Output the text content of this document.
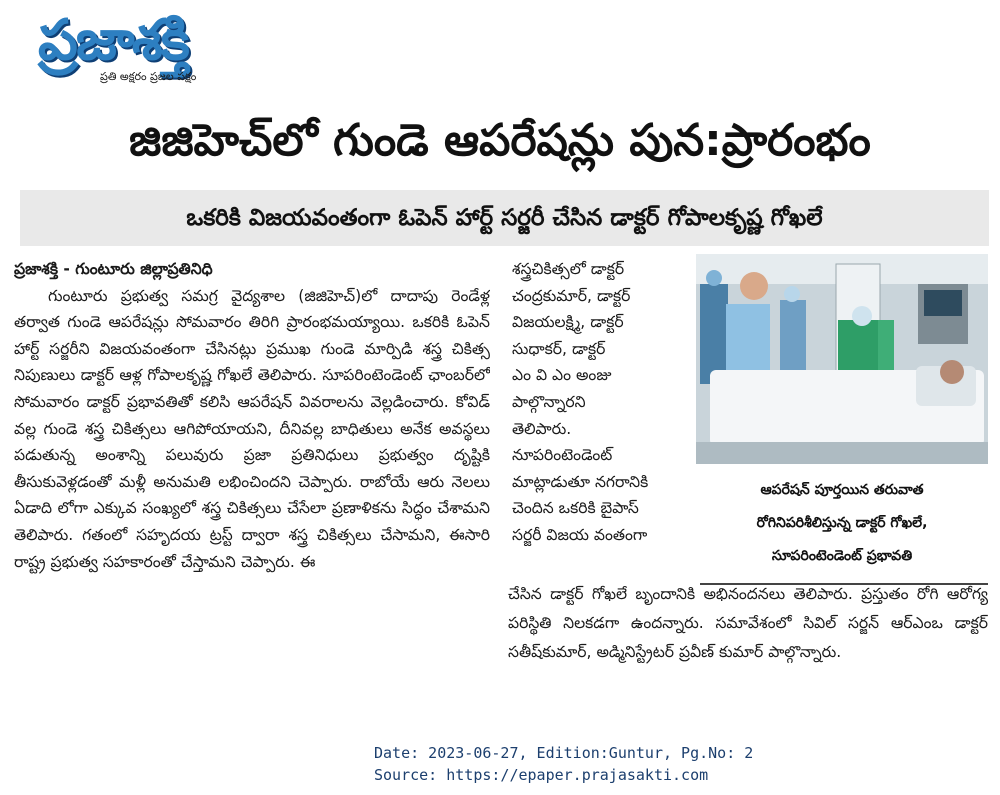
ప్రజాశక్తి
ప్రతి అక్షరం ప్రజల పక్షం
జిజిహెచ్‌లో గుండె ఆపరేషన్లు పున:ప్రారంభం
ఒకరికి విజయవంతంగా ఓపెన్‌ హార్ట్‌ సర్జరీ చేసిన డాక్టర్‌ గోపాలకృష్ణ గోఖలే

ప్రజాశక్తి - గుంటూరు జిల్లాప్రతినిధి

గుంటూరు ప్రభుత్వ సమగ్ర వైద్యశాల (జిజిహెచ్‌)లో దాదాపు రెండేళ్ల తర్వాత గుండె ఆపరేషన్లు సోమవారం తిరిగి ప్రారంభమయ్యాయి. ఒకరికి ఓపెన్‌ హార్ట్‌ సర్జరీని విజయవంతంగా చేసినట్లు ప్రముఖ గుండె మార్పిడి శస్త్ర చికిత్స నిపుణులు డాక్టర్‌ ఆళ్ల గోపాలకృష్ణ గోఖలే తెలిపారు. సూపరింటెండెంట్‌ ఛాంబర్‌లో సోమవారం డాక్టర్‌ ప్రభావతితో కలిసి ఆపరేషన్‌ వివరాలను వెల్లడించారు. కోవిడ్‌ వల్ల గుండె శస్త్ర చికిత్సలు ఆగిపోయాయని, దీనివల్ల బాధితులు అనేక అవస్థలు పడుతున్న అంశాన్ని పలువురు ప్రజా ప్రతినిధులు ప్రభుత్వం దృష్టికి తీసుకువెళ్లడంతో మళ్లీ అనుమతి లభించిందని చెప్పారు. రాబోయే ఆరు నెలలు ఏడాది లోగా ఎక్కువ సంఖ్యలో శస్త్ర చికిత్సలు చేసేలా ప్రణాళికను సిద్ధం చేశామని తెలిపారు. గతంలో సహృదయ ట్రస్ట్‌ ద్వారా శస్త్ర చికిత్సలు చేసామని, ఈసారి రాష్ట్ర ప్రభుత్వ సహకారంతో చేస్తామని చెప్పారు. ఈ

శస్త్రచికిత్సలో డాక్టర్‌

చంద్రకుమార్‌, డాక్టర్‌

విజయలక్ష్మి, డాక్టర్‌

సుధాకర్‌, డాక్టర్‌

ఎం వి ఎం అంజు

పాల్గొన్నారని

తెలిపారు.

నూపరింటెండెంట్‌

మాట్లాడుతూ నగరానికి

చెందిన ఒకరికి బైపాస్‌

సర్జరీ విజయ వంతంగా

ఆపరేషన్‌ పూర్తయిన తరువాత
రోగినిపరిశీలిస్తున్న డాక్టర్‌ గోఖలే,
సూపరింటెండెంట్‌ ప్రభావతి

చేసిన డాక్టర్‌ గోఖలే బృందానికి అభినందనలు తెలిపారు. ప్రస్తుతం రోగి ఆరోగ్య పరిస్థితి నిలకడగా ఉందన్నారు. సమావేశంలో సివిల్‌ సర్జన్‌ ఆర్‌ఎంఒ డాక్టర్‌ సతీష్‌కుమార్‌, అడ్మినిస్ట్రేటర్‌ ప్రవీణ్‌ కుమార్‌ పాల్గొన్నారు.

Date: 2023-06-27, Edition:Guntur, Pg.No: 2
Source: https://epaper.prajasakti.com
